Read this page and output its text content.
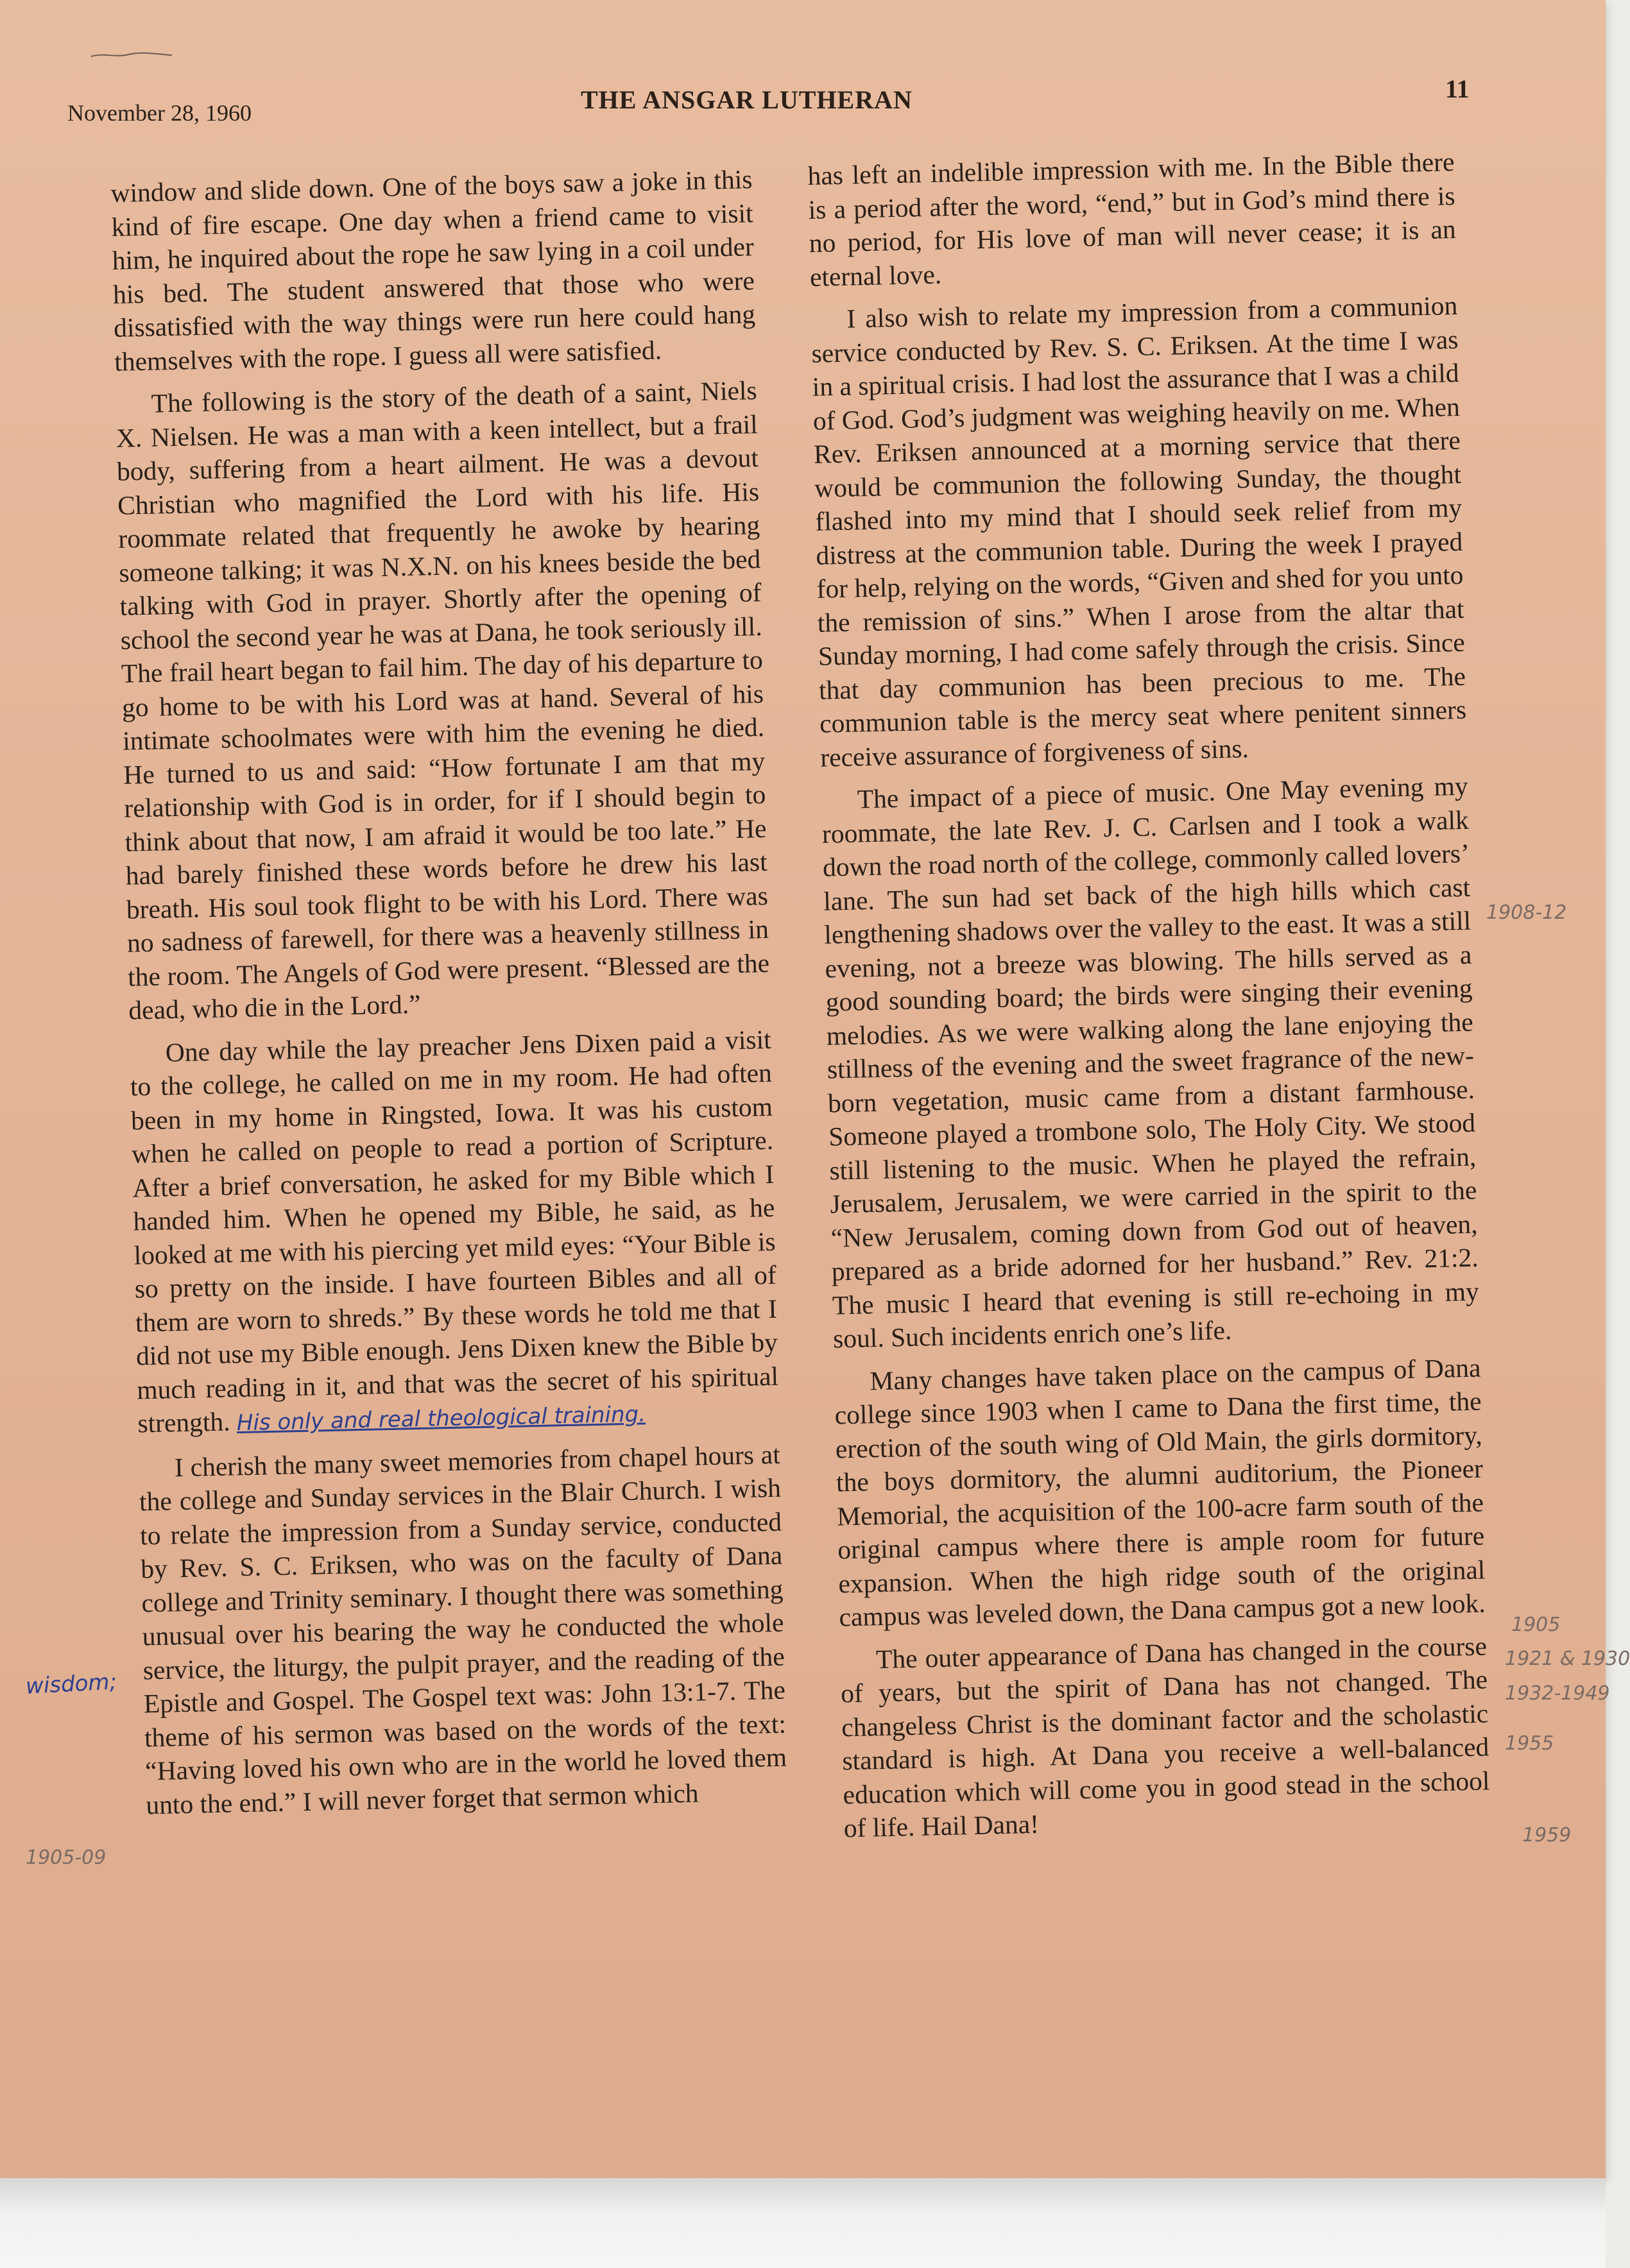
November 28, 1960	THE ANSGAR LUTHERAN	11

window and slide down. One of the boys saw a joke in this kind of fire escape. One day when a friend came to visit him, he inquired about the rope he saw lying in a coil under his bed. The student answered that those who were dissatisfied with the way things were run here could hang themselves with the rope. I guess all were satisfied.

The following is the story of the death of a saint, Niels X. Nielsen. He was a man with a keen intellect, but a frail body, suffering from a heart ailment. He was a devout Christian who magnified the Lord with his life. His roommate related that frequently he awoke by hearing someone talking; it was N.X.N. on his knees beside the bed talking with God in prayer. Shortly after the opening of school the second year he was at Dana, he took seriously ill. The frail heart began to fail him. The day of his departure to go home to be with his Lord was at hand. Several of his intimate schoolmates were with him the evening he died. He turned to us and said: “How fortunate I am that my relationship with God is in order, for if I should begin to think about that now, I am afraid it would be too late.” He had barely finished these words before he drew his last breath. His soul took flight to be with his Lord. There was no sadness of farewell, for there was a heavenly stillness in the room. The Angels of God were present. “Blessed are the dead, who die in the Lord.”

One day while the lay preacher Jens Dixen paid a visit to the college, he called on me in my room. He had often been in my home in Ringsted, Iowa. It was his custom when he called on people to read a portion of Scripture. After a brief conversation, he asked for my Bible which I handed him. When he opened my Bible, he said, as he looked at me with his piercing yet mild eyes: “Your Bible is so pretty on the inside. I have fourteen Bibles and all of them are worn to shreds.” By these words he told me that I did not use my Bible enough. Jens Dixen knew the Bible by much reading in it, and that was the secret of his spiritual strength. His only and real theological training.

I cherish the many sweet memories from chapel hours at the college and Sunday services in the Blair Church. I wish to relate the impression from a Sunday service, conducted by Rev. S. C. Eriksen, who was on the faculty of Dana college and Trinity seminary. I thought there was something unusual over his bearing the way he conducted the whole service, the liturgy, the pulpit prayer, and the reading of the Epistle and Gospel. The Gospel text was: John 13:1-7. The theme of his sermon was based on the words of the text: “Having loved his own who are in the world he loved them unto the end.” I will never forget that sermon which

has left an indelible impression with me. In the Bible there is a period after the word, “end,” but in God’s mind there is no period, for His love of man will never cease; it is an eternal love.

I also wish to relate my impression from a communion service conducted by Rev. S. C. Eriksen. At the time I was in a spiritual crisis. I had lost the assurance that I was a child of God. God’s judgment was weighing heavily on me. When Rev. Eriksen announced at a morning service that there would be communion the following Sunday, the thought flashed into my mind that I should seek relief from my distress at the communion table. During the week I prayed for help, relying on the words, “Given and shed for you unto the remission of sins.” When I arose from the altar that Sunday morning, I had come safely through the crisis. Since that day communion has been precious to me. The communion table is the mercy seat where penitent sinners receive assurance of forgiveness of sins.

The impact of a piece of music. One May evening my roommate, the late Rev. J. C. Carlsen and I took a walk down the road north of the college, commonly called lovers’ lane. The sun had set back of the high hills which cast lengthening shadows over the valley to the east. It was a still evening, not a breeze was blowing. The hills served as a good sounding board; the birds were singing their evening melodies. As we were walking along the lane enjoying the stillness of the evening and the sweet fragrance of the new-born vegetation, music came from a distant farmhouse. Someone played a trombone solo, The Holy City. We stood still listening to the music. When he played the refrain, Jerusalem, Jerusalem, we were carried in the spirit to the “New Jerusalem, coming down from God out of heaven, prepared as a bride adorned for her husband.” Rev. 21:2. The music I heard that evening is still re-echoing in my soul. Such incidents enrich one’s life.

Many changes have taken place on the campus of Dana college since 1903 when I came to Dana the first time, the erection of the south wing of Old Main, the girls dormitory, the boys dormitory, the alumni auditorium, the Pioneer Memorial, the acquisition of the 100-acre farm south of the original campus where there is ample room for future expansion. When the high ridge south of the original campus was leveled down, the Dana campus got a new look.

The outer appearance of Dana has changed in the course of years, but the spirit of Dana has not changed. The changeless Christ is the dominant factor and the scholastic standard is high. At Dana you receive a well-balanced education which will come you in good stead in the school of life. Hail Dana!

wisdom;
1905-09
1908-12
1905
1921 & 1930
1932-1949
1955
1959
